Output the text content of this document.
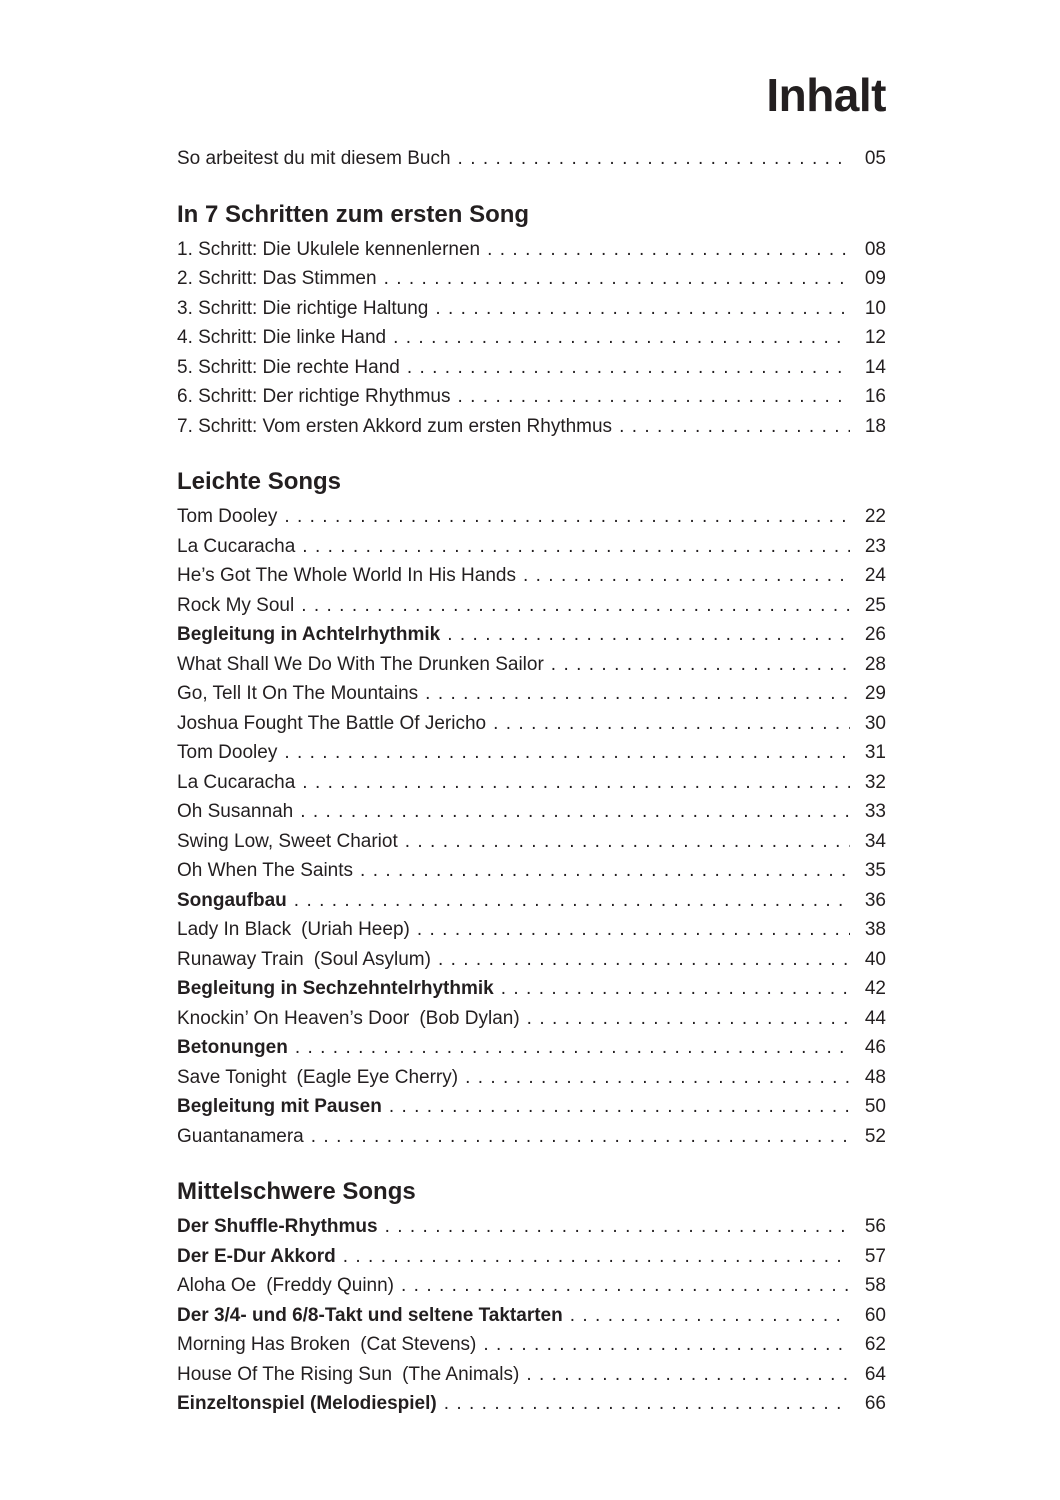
Inhalt
So arbeitest du mit diesem Buch . . .	05
In 7 Schritten zum ersten Song
1. Schritt: Die Ukulele kennenlernen . . .	08
2. Schritt: Das Stimmen . . .	09
3. Schritt: Die richtige Haltung . . .	10
4. Schritt: Die linke Hand . . .	12
5. Schritt: Die rechte Hand . . .	14
6. Schritt: Der richtige Rhythmus . . .	16
7. Schritt: Vom ersten Akkord zum ersten Rhythmus . . .	18
Leichte Songs
Tom Dooley . . .	22
La Cucaracha . . .	23
He’s Got The Whole World In His Hands . . .	24
Rock My Soul . . .	25
Begleitung in Achtelrhythmik . . .	26
What Shall We Do With The Drunken Sailor . . .	28
Go, Tell It On The Mountains . . .	29
Joshua Fought The Battle Of Jericho . . .	30
Tom Dooley . . .	31
La Cucaracha . . .	32
Oh Susannah . . .	33
Swing Low, Sweet Chariot . . .	34
Oh When The Saints . . .	35
Songaufbau . . .	36
Lady In Black (Uriah Heep) . . .	38
Runaway Train (Soul Asylum) . . .	40
Begleitung in Sechzehntelrhythmik . . .	42
Knockin’ On Heaven’s Door (Bob Dylan) . . .	44
Betonungen . . .	46
Save Tonight (Eagle Eye Cherry) . . .	48
Begleitung mit Pausen . . .	50
Guantanamera . . .	52
Mittelschwere Songs
Der Shuffle-Rhythmus . . .	56
Der E-Dur Akkord . . .	57
Aloha Oe (Freddy Quinn) . . .	58
Der 3/4- und 6/8-Takt und seltene Taktarten . . .	60
Morning Has Broken (Cat Stevens) . . .	62
House Of The Rising Sun (The Animals) . . .	64
Einzeltonspiel (Melodiespiel) . . .	66
